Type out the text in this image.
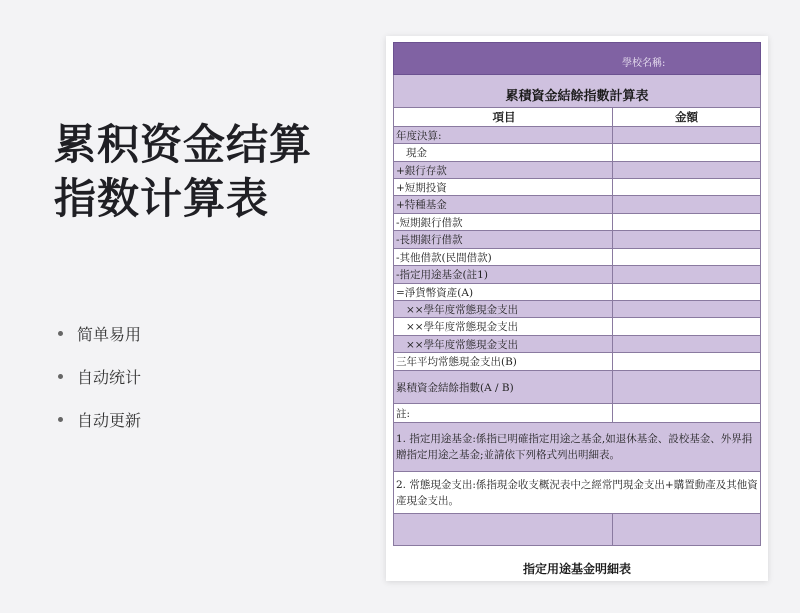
累积资金结算指数计算表
简单易用
自动统计
自动更新
學校名稱:
累積資金結餘指數計算表
項目	金額
年度決算:
現金
+銀行存款
+短期投資
+特種基金
-短期銀行借款
-長期銀行借款
-其他借款(民間借款)
-指定用途基金(註1)
=淨貨幣資產(A)
××學年度常態現金支出
××學年度常態現金支出
××學年度常態現金支出
三年平均常態現金支出(B)
累積資金結餘指數(A / B)
註:
1. 指定用途基金:係指已明確指定用途之基金,如退休基金、設校基金、外界捐贈指定用途之基金;並請依下列格式列出明細表。
2. 常態現金支出:係指現金收支概況表中之經常門現金支出+購置動產及其他資產現金支出。
指定用途基金明細表
